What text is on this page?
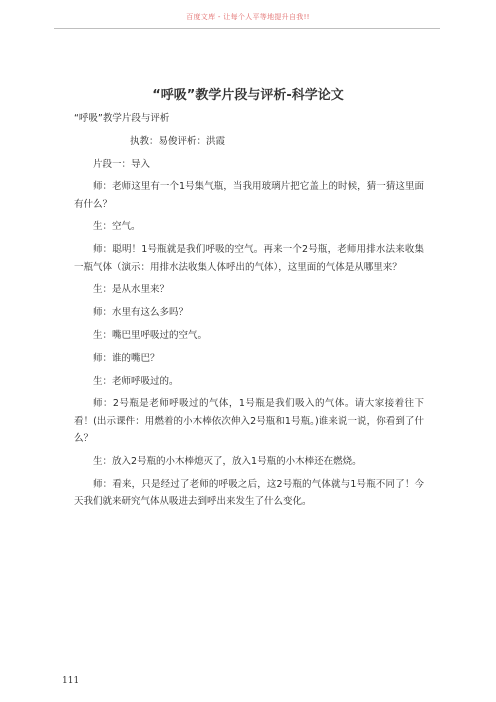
百度文库 - 让每个人平等地提升自我!!
“呼吸”教学片段与评析-科学论文

“呼吸”教学片段与评析

执教：易俊评析：洪霞

片段一：导入

师：老师这里有一个1号集气瓶，当我用玻璃片把它盖上的时候，猜一猜这里面有什么？

生：空气。

师：聪明！1号瓶就是我们呼吸的空气。再来一个2号瓶，老师用排水法来收集一瓶气体（演示：用排水法收集人体呼出的气体），这里面的气体是从哪里来？

生：是从水里来？

师：水里有这么多吗？

生：嘴巴里呼吸过的空气。

师：谁的嘴巴？

生：老师呼吸过的。

师：2号瓶是老师呼吸过的气体，1号瓶是我们吸入的气体。请大家接着往下看！(出示课件：用燃着的小木棒依次伸入2号瓶和1号瓶。)谁来说一说，你看到了什么？

生：放入2号瓶的小木棒熄灭了，放入1号瓶的小木棒还在燃烧。

师：看来，只是经过了老师的呼吸之后，这2号瓶的气体就与1号瓶不同了！今天我们就来研究气体从吸进去到呼出来发生了什么变化。

111
